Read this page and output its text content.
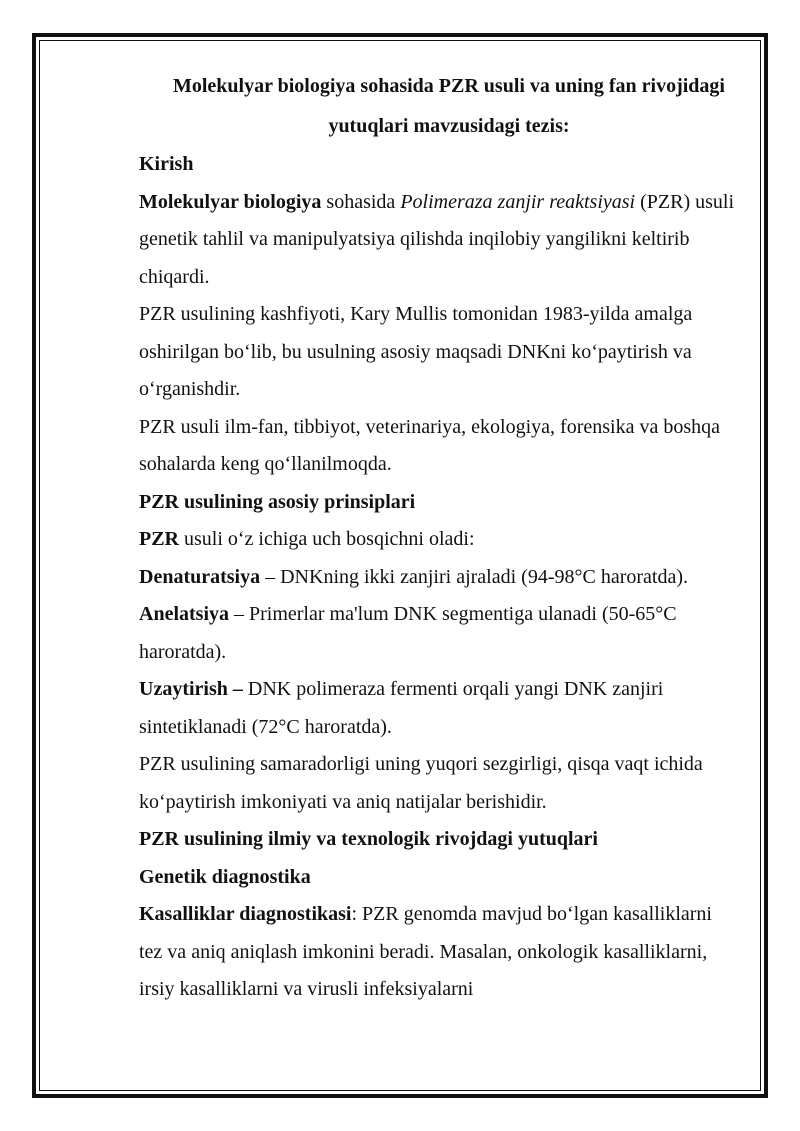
Molekulyar biologiya sohasida PZR usuli va uning fan rivojidagi
yutuqlari mavzusidagi tezis:

Kirish

Molekulyar biologiya sohasida Polimeraza zanjir reaktsiyasi (PZR) usuli genetik tahlil va manipulyatsiya qilishda inqilobiy yangilikni keltirib chiqardi.

PZR usulining kashfiyoti, Kary Mullis tomonidan 1983-yilda amalga oshirilgan bo‘lib, bu usulning asosiy maqsadi DNKni ko‘paytirish va o‘rganishdir.

PZR usuli ilm-fan, tibbiyot, veterinariya, ekologiya, forensika va boshqa sohalarda keng qo‘llanilmoqda.

PZR usulining asosiy prinsiplari

PZR usuli o‘z ichiga uch bosqichni oladi:

Denaturatsiya – DNKning ikki zanjiri ajraladi (94-98°C haroratda).

Anelatsiya – Primerlar ma'lum DNK segmentiga ulanadi (50-65°C haroratda).

Uzaytirish – DNK polimeraza fermenti orqali yangi DNK zanjiri sintetiklanadi (72°C haroratda).

PZR usulining samaradorligi uning yuqori sezgirligi, qisqa vaqt ichida ko‘paytirish imkoniyati va aniq natijalar berishidir.

PZR usulining ilmiy va texnologik rivojdagi yutuqlari

Genetik diagnostika

Kasalliklar diagnostikasi: PZR genomda mavjud bo‘lgan kasalliklarni tez va aniq aniqlash imkonini beradi. Masalan, onkologik kasalliklarni, irsiy kasalliklarni va virusli infeksiyalarni
